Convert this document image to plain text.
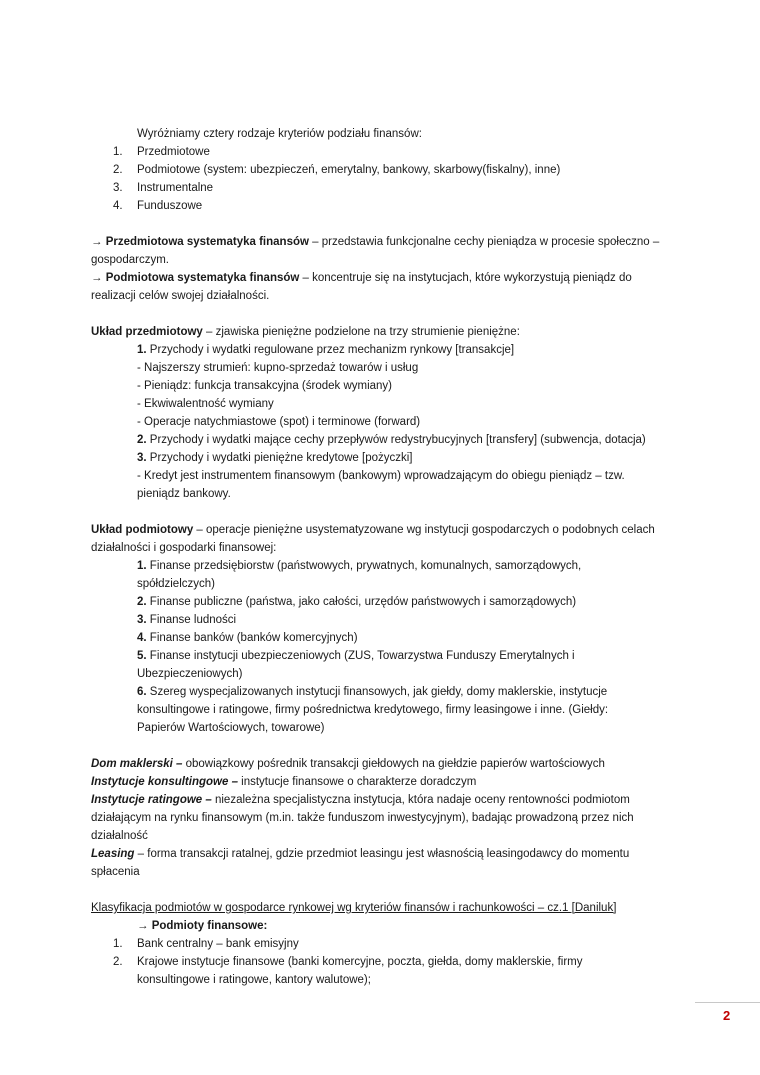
Wyróżniamy cztery rodzaje kryteriów podziału finansów:
1. Przedmiotowe
2. Podmiotowe (system: ubezpieczeń, emerytalny, bankowy, skarbowy(fiskalny), inne)
3. Instrumentalne
4. Funduszowe
→ Przedmiotowa systematyka finansów – przedstawia funkcjonalne cechy pieniądza w procesie społeczno –
gospodarczym.
→ Podmiotowa systematyka finansów – koncentruje się na instytucjach, które wykorzystują pieniądz do
realizacji celów swojej działalności.
Układ przedmiotowy – zjawiska pieniężne podzielone na trzy strumienie pieniężne:
1. Przychody i wydatki regulowane przez mechanizm rynkowy [transakcje]
- Najszerszy strumień: kupno-sprzedaż towarów i usług
- Pieniądz: funkcja transakcyjna (środek wymiany)
- Ekwiwalentność wymiany
- Operacje natychmiastowe (spot) i terminowe (forward)
2. Przychody i wydatki mające cechy przepływów redystrybucyjnych [transfery] (subwencja, dotacja)
3. Przychody i wydatki pieniężne kredytowe [pożyczki]
- Kredyt jest instrumentem finansowym (bankowym) wprowadzającym do obiegu pieniądz – tzw.
pieniądz bankowy.
Układ podmiotowy – operacje pieniężne usystematyzowane wg instytucji gospodarczych o podobnych celach
działalności i gospodarki finansowej:
1. Finanse przedsiębiorstw (państwowych, prywatnych, komunalnych, samorządowych,
spółdzielczych)
2. Finanse publiczne (państwa, jako całości, urzędów państwowych i samorządowych)
3. Finanse ludności
4. Finanse banków (banków komercyjnych)
5. Finanse instytucji ubezpieczeniowych (ZUS, Towarzystwa Funduszy Emerytalnych i
Ubezpieczeniowych)
6. Szereg wyspecjalizowanych instytucji finansowych, jak giełdy, domy maklerskie, instytucje
konsultingowe i ratingowe, firmy pośrednictwa kredytowego, firmy leasingowe i inne. (Giełdy:
Papierów Wartościowych, towarowe)
Dom maklerski – obowiązkowy pośrednik transakcji giełdowych na giełdzie papierów wartościowych
Instytucje konsultingowe – instytucje finansowe o charakterze doradczym
Instytucje ratingowe – niezależna specjalistyczna instytucja, która nadaje oceny rentowności podmiotom
działającym na rynku finansowym (m.in. także funduszom inwestycyjnym), badając prowadzoną przez nich
działalność
Leasing – forma transakcji ratalnej, gdzie przedmiot leasingu jest własnością leasingodawcy do momentu
spłacenia
Klasyfikacja podmiotów w gospodarce rynkowej wg kryteriów finansów i rachunkowości – cz.1 [Daniluk]
→ Podmioty finansowe:
1. Bank centralny – bank emisyjny
2. Krajowe instytucje finansowe (banki komercyjne, poczta, giełda, domy maklerskie, firmy
konsultingowe i ratingowe, kantory walutowe);
2
